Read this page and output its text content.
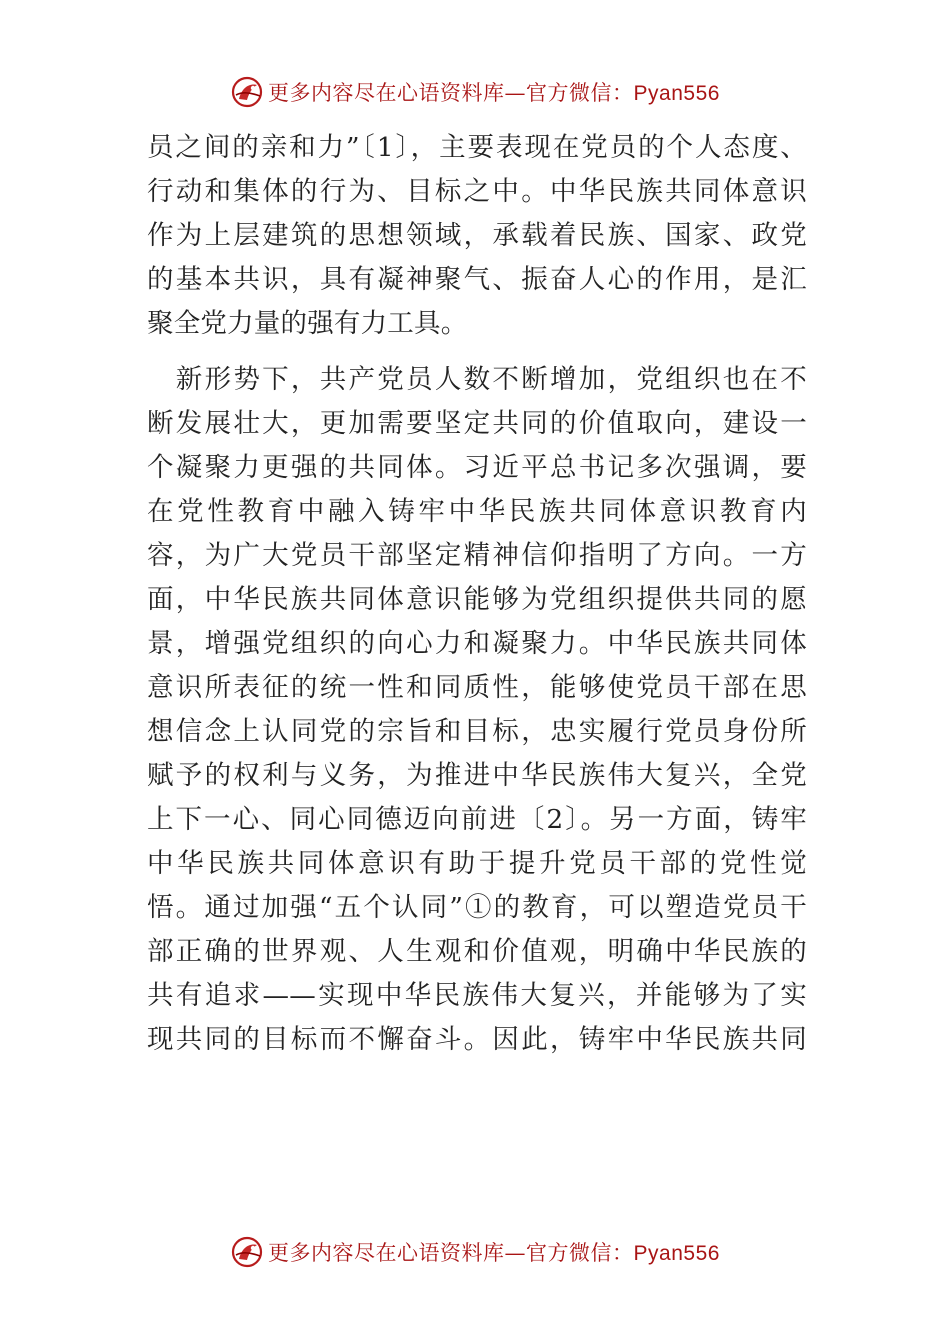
更多内容尽在心语资料库—官方微信：Pyan556
员之间的亲和力”〔1〕，主要表现在党员的个人态度、
行动和集体的行为、目标之中。中华民族共同体意识
作为上层建筑的思想领域，承载着民族、国家、政党
的基本共识，具有凝神聚气、振奋人心的作用，是汇
聚全党力量的强有力工具。
　新形势下，共产党员人数不断增加，党组织也在不
断发展壮大，更加需要坚定共同的价值取向，建设一
个凝聚力更强的共同体。习近平总书记多次强调，要
在党性教育中融入铸牢中华民族共同体意识教育内
容，为广大党员干部坚定精神信仰指明了方向。一方
面，中华民族共同体意识能够为党组织提供共同的愿
景，增强党组织的向心力和凝聚力。中华民族共同体
意识所表征的统一性和同质性，能够使党员干部在思
想信念上认同党的宗旨和目标，忠实履行党员身份所
赋予的权利与义务，为推进中华民族伟大复兴，全党
上下一心、同心同德迈向前进〔2〕。另一方面，铸牢
中华民族共同体意识有助于提升党员干部的党性觉
悟。通过加强“五个认同”①的教育，可以塑造党员干
部正确的世界观、人生观和价值观，明确中华民族的
共有追求——实现中华民族伟大复兴，并能够为了实
现共同的目标而不懈奋斗。因此，铸牢中华民族共同
更多内容尽在心语资料库—官方微信：Pyan556
